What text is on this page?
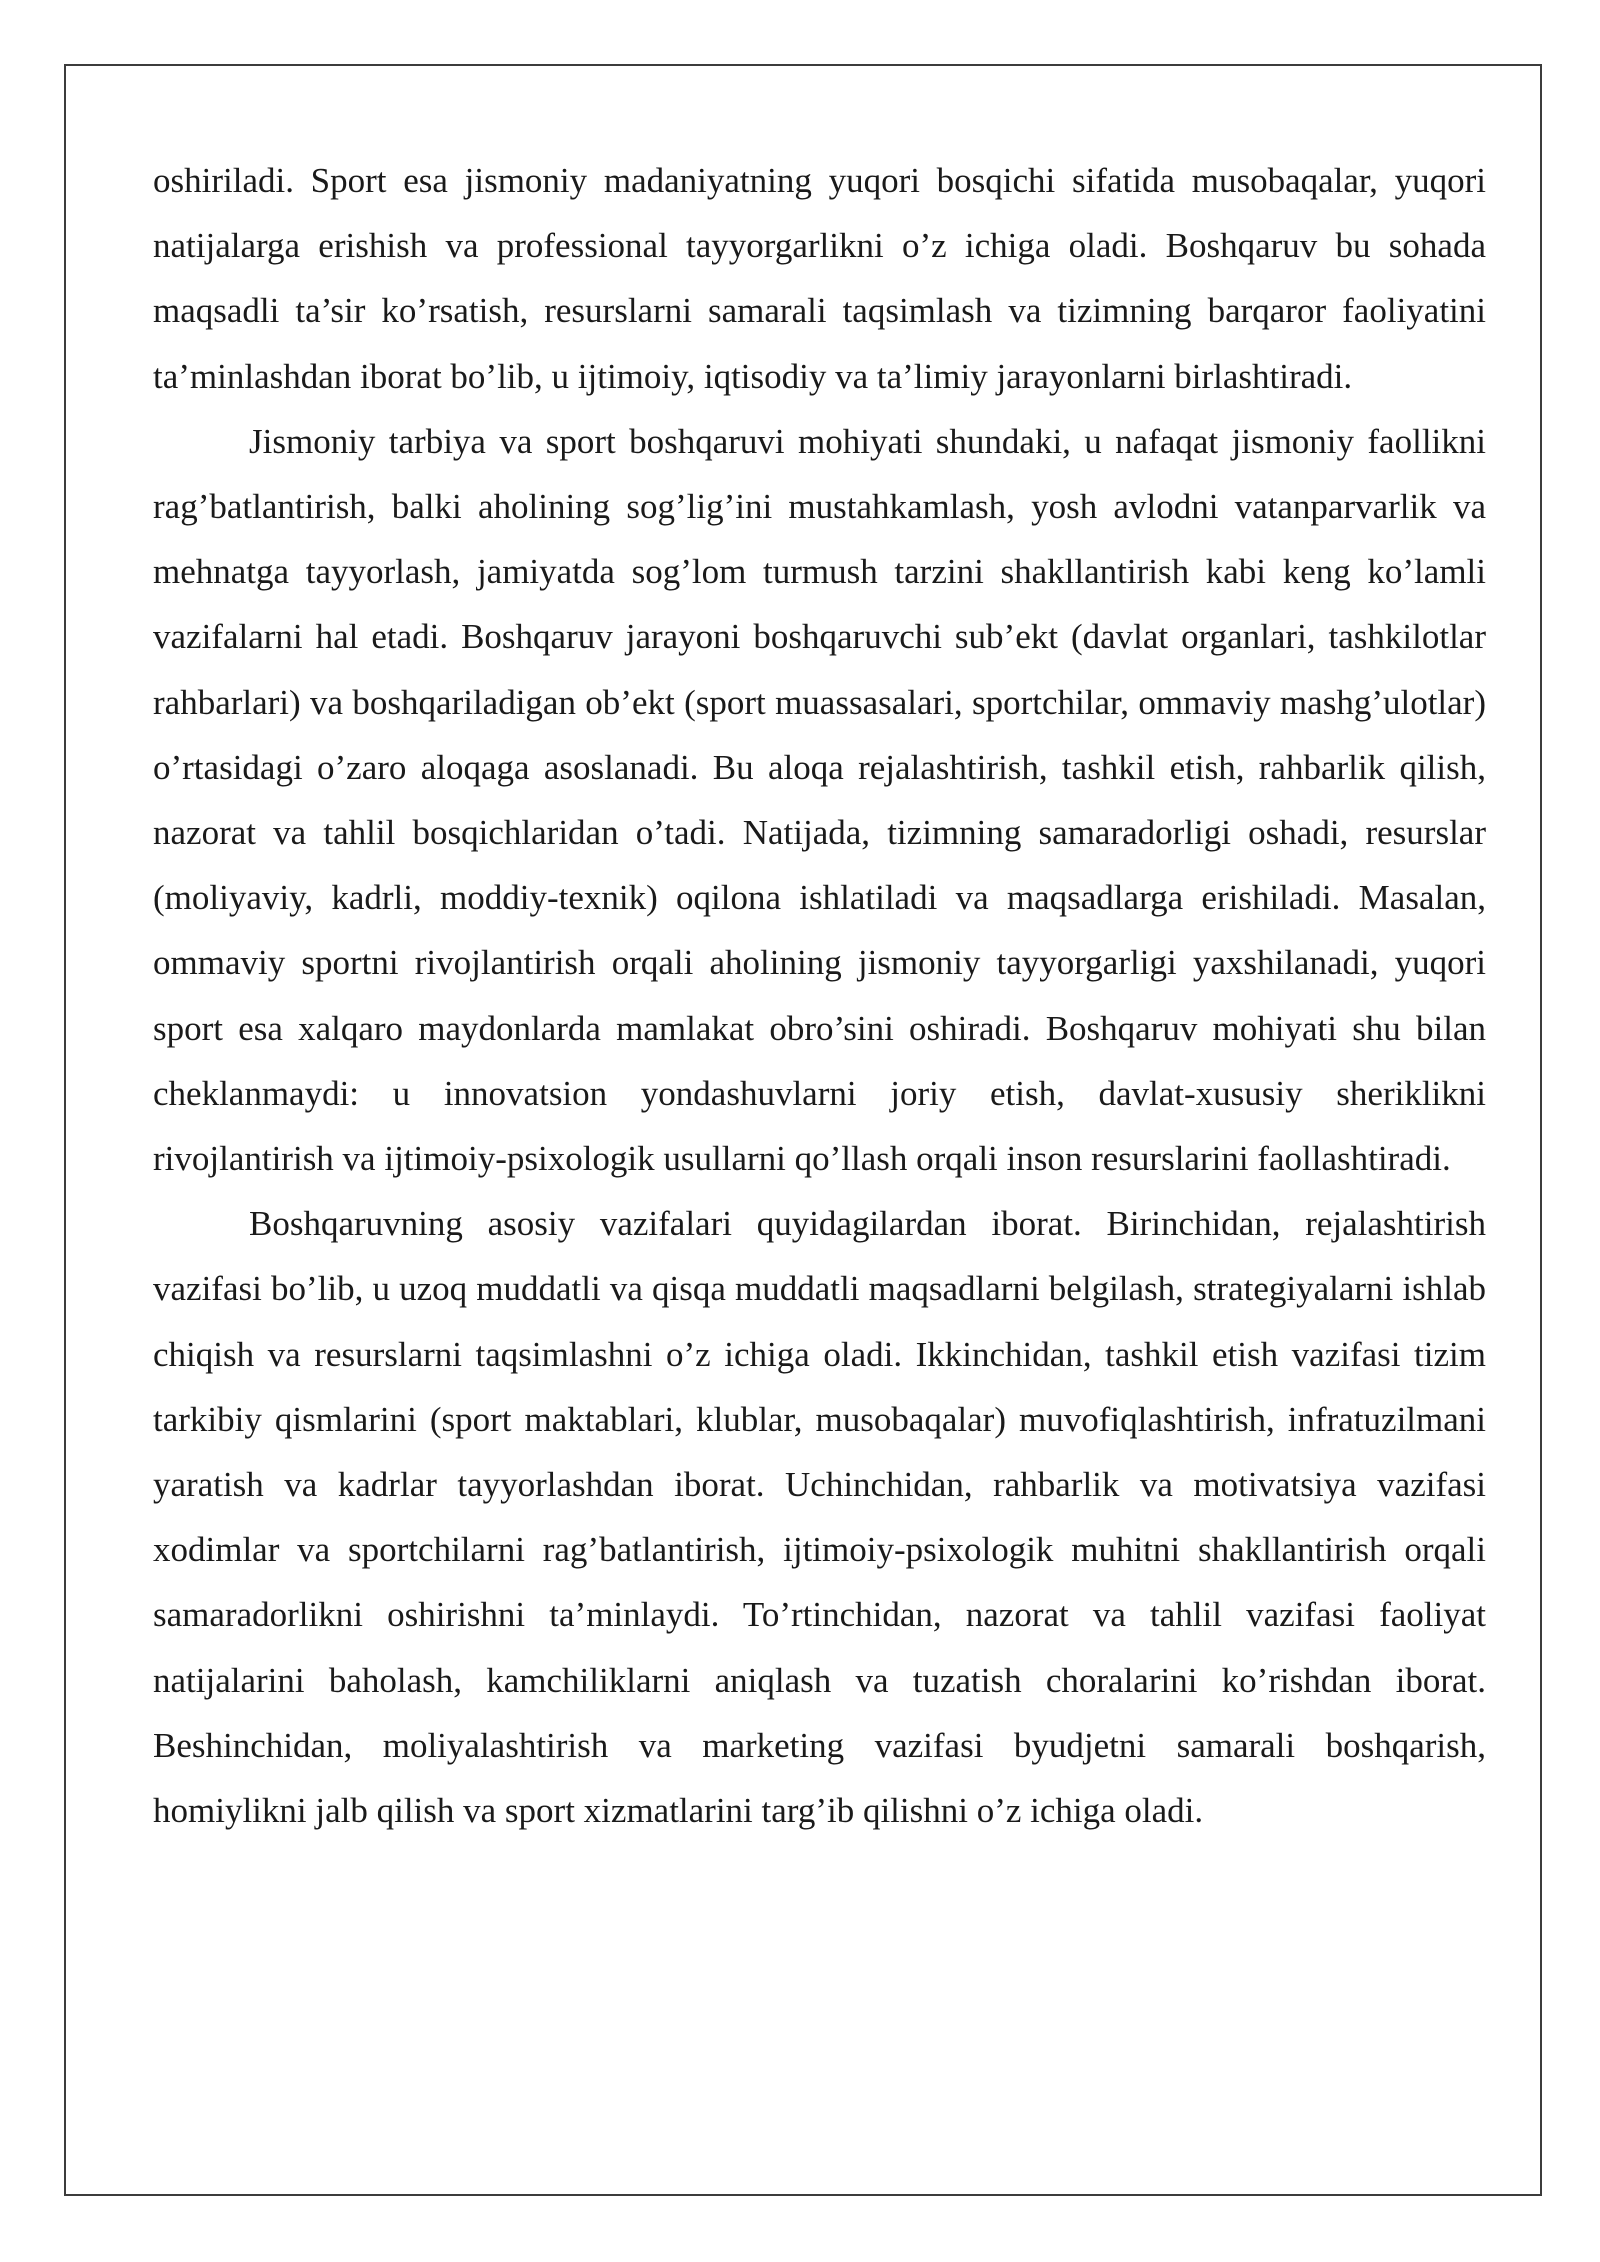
oshiriladi. Sport esa jismoniy madaniyatning yuqori bosqichi sifatida musobaqalar, yuqori natijalarga erishish va professional tayyorgarlikni o’z ichiga oladi. Boshqaruv bu sohada maqsadli ta’sir ko’rsatish, resurslarni samarali taqsimlash va tizimning barqaror faoliyatini ta’minlashdan iborat bo’lib, u ijtimoiy, iqtisodiy va ta’limiy jarayonlarni birlashtiradi.

Jismoniy tarbiya va sport boshqaruvi mohiyati shundaki, u nafaqat jismoniy faollikni rag’batlantirish, balki aholining sog’lig’ini mustahkamlash, yosh avlodni vatanparvarlik va mehnatga tayyorlash, jamiyatda sog’lom turmush tarzini shakllantirish kabi keng ko’lamli vazifalarni hal etadi. Boshqaruv jarayoni boshqaruvchi sub’ekt (davlat organlari, tashkilotlar rahbarlari) va boshqariladigan ob’ekt (sport muassasalari, sportchilar, ommaviy mashg’ulotlar) o’rtasidagi o’zaro aloqaga asoslanadi. Bu aloqa rejalashtirish, tashkil etish, rahbarlik qilish, nazorat va tahlil bosqichlaridan o’tadi. Natijada, tizimning samaradorligi oshadi, resurslar (moliyaviy, kadrli, moddiy-texnik) oqilona ishlatiladi va maqsadlarga erishiladi. Masalan, ommaviy sportni rivojlantirish orqali aholining jismoniy tayyorgarligi yaxshilanadi, yuqori sport esa xalqaro maydonlarda mamlakat obro’sini oshiradi. Boshqaruv mohiyati shu bilan cheklanmaydi: u innovatsion yondashuvlarni joriy etish, davlat-xususiy sheriklikni rivojlantirish va ijtimoiy-psixologik usullarni qo’llash orqali inson resurslarini faollashtiradi.

Boshqaruvning asosiy vazifalari quyidagilardan iborat. Birinchidan, rejalashtirish vazifasi bo’lib, u uzoq muddatli va qisqa muddatli maqsadlarni belgilash, strategiyalarni ishlab chiqish va resurslarni taqsimlashni o’z ichiga oladi. Ikkinchidan, tashkil etish vazifasi tizim tarkibiy qismlarini (sport maktablari, klublar, musobaqalar) muvofiqlashtirish, infratuzilmani yaratish va kadrlar tayyorlashdan iborat. Uchinchidan, rahbarlik va motivatsiya vazifasi xodimlar va sportchilarni rag’batlantirish, ijtimoiy-psixologik muhitni shakllantirish orqali samaradorlikni oshirishni ta’minlaydi. To’rtinchidan, nazorat va tahlil vazifasi faoliyat natijalarini baholash, kamchiliklarni aniqlash va tuzatish choralarini ko’rishdan iborat. Beshinchidan, moliyalashtirish va marketing vazifasi byudjetni samarali boshqarish, homiylikni jalb qilish va sport xizmatlarini targ’ib qilishni o’z ichiga oladi.
